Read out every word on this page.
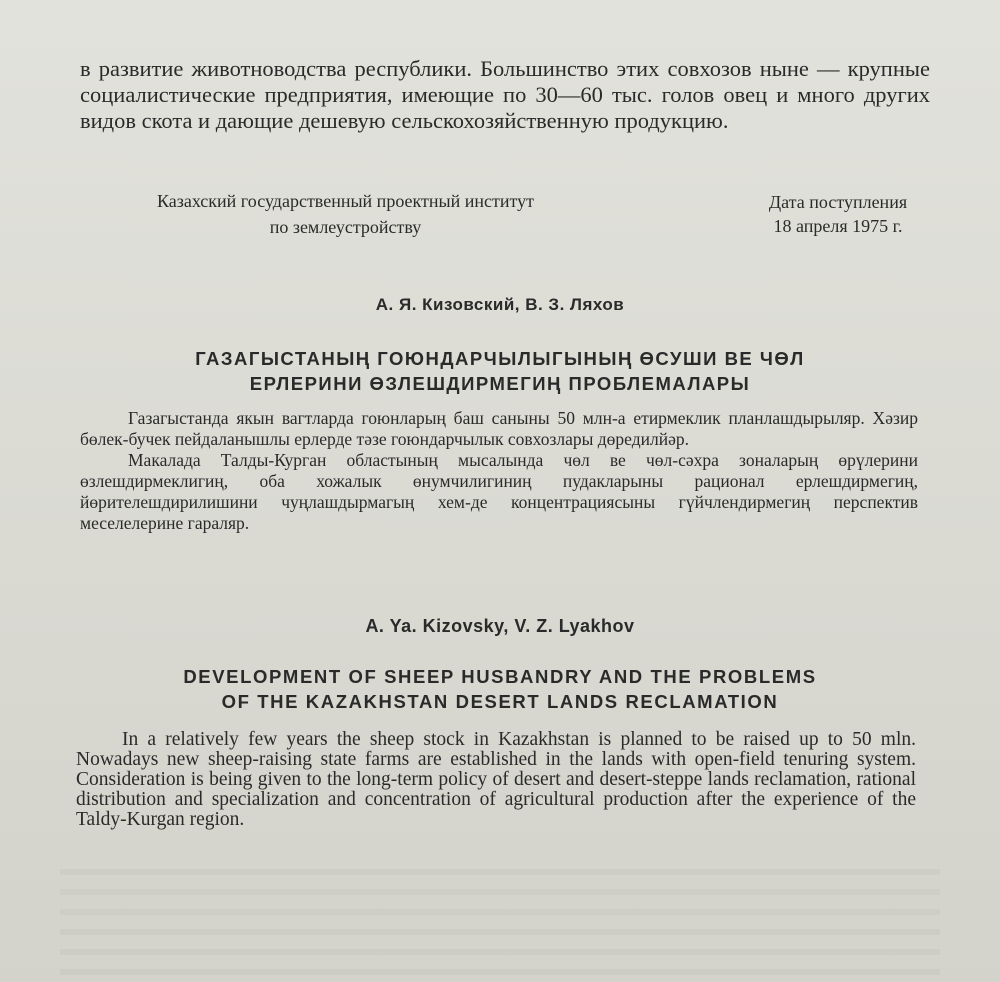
в развитие животноводства республики. Большинство этих совхозов ныне — крупные социалистические предприятия, имеющие по 30—60 тыс. голов овец и много других видов скота и дающие дешевую сельскохозяйственную продукцию.

Казахский государственный проектный институт
по землеустройству
Дата поступления
18 апреля 1975 г.
А. Я. Кизовский, В. З. Ляхов
ГАЗАГЫСТАНЫҢ ГОЮНДАРЧЫЛЫГЫНЫҢ ӨСУШИ ВЕ ЧӨЛ
ЕРЛЕРИНИ ӨЗЛЕШДИРМЕГИҢ ПРОБЛЕМАЛАРЫ

Газагыстанда якын вагтларда гоюнларың баш саныны 50 млн-а етирмеклик планлашдырыляр. Хәзир бөлек-бучек пейдаланышлы ерлерде тәзе гоюндарчылык совхозлары дөредилйәр.

Макалада Талды-Курган областының мысалында чөл ве чөл-сәхра зоналарың өрүлерини өзлешдирмеклигиң, оба хожалык өнумчилигиниң пудакларыны рационал ерлешдирмегиң, йөрителешдирилишини чуңлашдырмагың хем-де концентрациясыны гүйчлендирмегиң перспектив меселелерине гараляр.

A. Ya. Kizovsky, V. Z. Lyakhov
DEVELOPMENT OF SHEEP HUSBANDRY AND THE PROBLEMS
OF THE KAZAKHSTAN DESERT LANDS RECLAMATION

In a relatively few years the sheep stock in Kazakhstan is planned to be raised up to 50 mln. Nowadays new sheep-raising state farms are established in the lands with open-field tenuring system. Consideration is being given to the long-term policy of desert and desert-steppe lands reclamation, rational distribution and specialization and concentration of agricultural production after the experience of the Taldy-Kurgan region.
